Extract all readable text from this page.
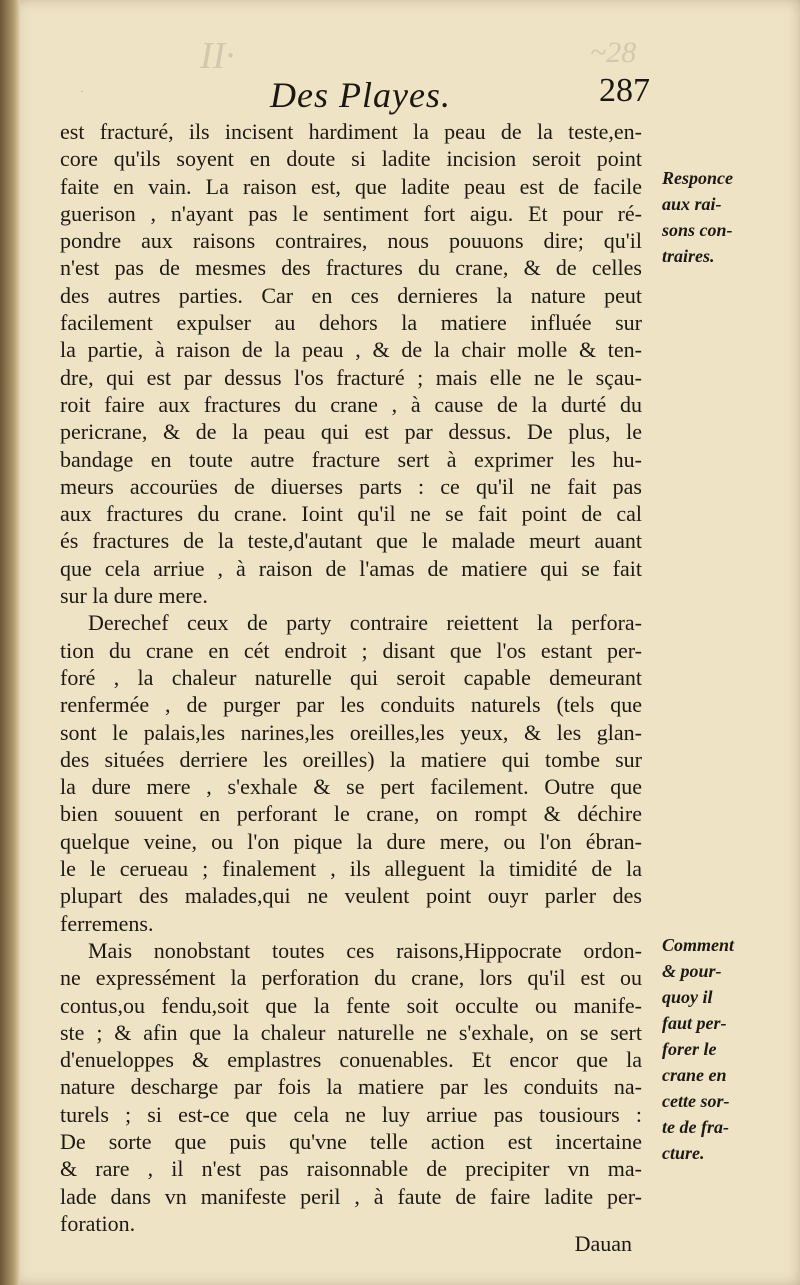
ΙΙ·	~28
·	Des Playes.	287
est fracturé, ils incisent hardiment la peau de la teste,en-
core qu'ils soyent en doute si ladite incision seroit point
faite en vain. La raison est, que ladite peau est de facile
guerison , n'ayant pas le sentiment fort aigu. Et pour ré-
pondre aux raisons contraires, nous pouuons dire; qu'il
n'est pas de mesmes des fractures du crane, & de celles
des autres parties. Car en ces dernieres la nature peut
facilement expulser au dehors la matiere influée sur
la partie, à raison de la peau , & de la chair molle & ten-
dre, qui est par dessus l'os fracturé ; mais elle ne le sçau-
roit faire aux fractures du crane , à cause de la durté du
pericrane, & de la peau qui est par dessus. De plus, le
bandage en toute autre fracture sert à exprimer les hu-
meurs accourües de diuerses parts : ce qu'il ne fait pas
aux fractures du crane. Ioint qu'il ne se fait point de cal
és fractures de la teste,d'autant que le malade meurt auant
que cela arriue , à raison de l'amas de matiere qui se fait
sur la dure mere.
Derechef ceux de party contraire reiettent la perfora-
tion du crane en cét endroit ; disant que l'os estant per-
foré , la chaleur naturelle qui seroit capable demeurant
renfermée , de purger par les conduits naturels (tels que
sont le palais,les narines,les oreilles,les yeux, & les glan-
des situées derriere les oreilles) la matiere qui tombe sur
la dure mere , s'exhale & se pert facilement. Outre que
bien souuent en perforant le crane, on rompt & déchire
quelque veine, ou l'on pique la dure mere, ou l'on ébran-
le le cerueau ; finalement , ils alleguent la timidité de la
plupart des malades,qui ne veulent point ouyr parler des
ferremens.
Mais nonobstant toutes ces raisons,Hippocrate ordon-
ne expressément la perforation du crane, lors qu'il est ou
contus,ou fendu,soit que la fente soit occulte ou manife-
ste ; & afin que la chaleur naturelle ne s'exhale, on se sert
d'enueloppes & emplastres conuenables. Et encor que la
nature descharge par fois la matiere par les conduits na-
turels ; si est-ce que cela ne luy arriue pas tousiours :
De sorte que puis qu'vne telle action est incertaine
& rare , il n'est pas raisonnable de precipiter vn ma-
lade dans vn manifeste peril , à faute de faire ladite per-
foration.
Responce
aux rai-
sons con-
traires.
Comment
& pour-
quoy il
faut per-
forer le
crane en
cette sor-
te de fra-
cture.
Dauan
